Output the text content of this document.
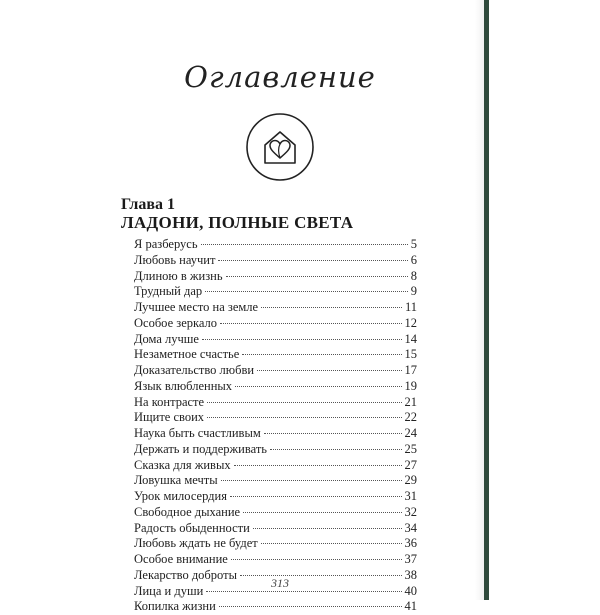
Оглавление
Глава 1
ЛАДОНИ, ПОЛНЫЕ СВЕТА
Я разберусь	5
Любовь научит	6
Длиною в жизнь	8
Трудный дар	9
Лучшее место на земле	11
Особое зеркало	12
Дома лучше	14
Незаметное счастье	15
Доказательство любви	17
Язык влюбленных	19
На контрасте	21
Ищите своих	22
Наука быть счастливым	24
Держать и поддерживать	25
Сказка для живых	27
Ловушка мечты	29
Урок милосердия	31
Свободное дыхание	32
Радость обыденности	34
Любовь ждать не будет	36
Особое внимание	37
Лекарство доброты	38
Лица и души	40
Копилка жизни	41
313
